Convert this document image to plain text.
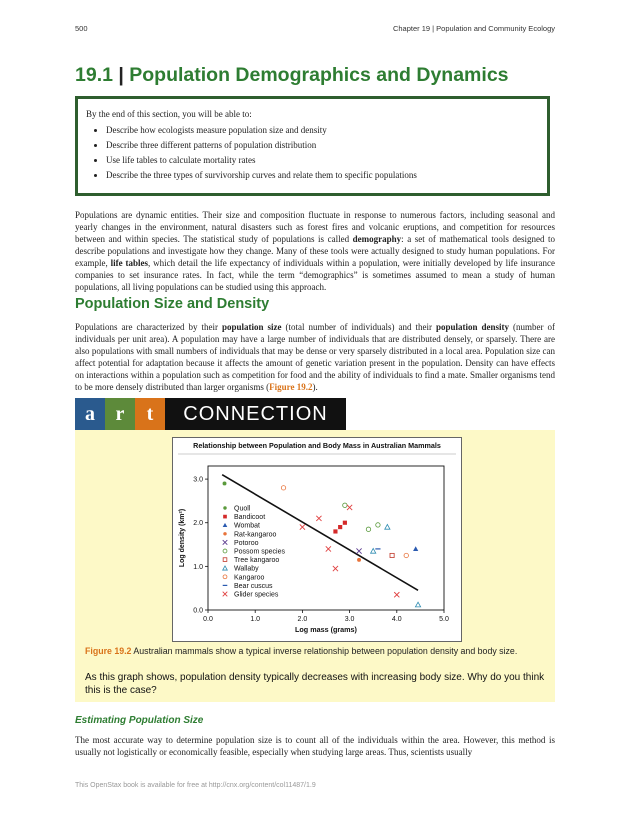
500	Chapter 19 | Population and Community Ecology
19.1 | Population Demographics and Dynamics

By the end of this section, you will be able to:

• Describe how ecologists measure population size and density
• Describe three different patterns of population distribution
• Use life tables to calculate mortality rates
• Describe the three types of survivorship curves and relate them to specific populations

Populations are dynamic entities. Their size and composition fluctuate in response to numerous factors, including seasonal and yearly changes in the environment, natural disasters such as forest fires and volcanic eruptions, and competition for resources between and within species. The statistical study of populations is called demography: a set of mathematical tools designed to describe populations and investigate how they change. Many of these tools were actually designed to study human populations. For example, life tables, which detail the life expectancy of individuals within a population, were initially developed by life insurance companies to set insurance rates. In fact, while the term “demographics” is sometimes assumed to mean a study of human populations, all living populations can be studied using this approach.

Population Size and Density

Populations are characterized by their population size (total number of individuals) and their population density (number of individuals per unit area). A population may have a large number of individuals that are distributed densely, or sparsely. There are also populations with small numbers of individuals that may be dense or very sparsely distributed in a local area. Population size can affect potential for adaptation because it affects the amount of genetic variation present in the population. Density can have effects on interactions within a population such as competition for food and the ability of individuals to find a mate. Smaller organisms tend to be more densely distributed than larger organisms (Figure 19.2).

a	r	t	CONNECTION
Relationship between Population and Body Mass in Australian Mammals
0.0	1.0	2.0	3.0	4.0	5.0
0.0
1.0
2.0
3.0
Log mass (grams)
Log density (km²)	Quoll
Bandicoot
Wombat
Rat-kangaroo
Potoroo
Possom species
Tree kangaroo
Wallaby
Kangaroo
Bear cuscus
Glider species
Figure 19.2 Australian mammals show a typical inverse relationship between population density and body size.
As this graph shows, population density typically decreases with increasing body size. Why do you think this is the case?
Estimating Population Size

The most accurate way to determine population size is to count all of the individuals within the area. However, this method is usually not logistically or economically feasible, especially when studying large areas. Thus, scientists usually

This OpenStax book is available for free at http://cnx.org/content/col11487/1.9
